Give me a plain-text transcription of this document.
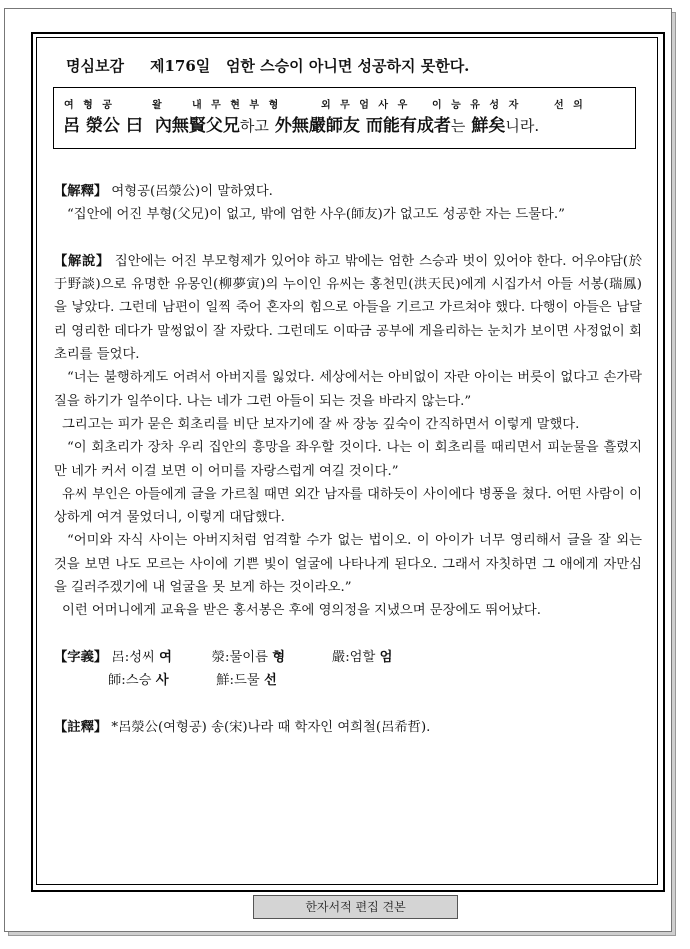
명심보감 제176일 엄한 스승이 아니면 성공하지 못한다.
여 형 공	왈	내 무 현 부 형	외 무 엄 사 우 이 능 유 성 자	선 의
呂 滎公 曰 內無賢父兄하고 外無嚴師友 而能有成者는 鮮矣니라.

【解釋】 여형공(呂滎公)이 말하였다.

“집안에 어진 부형(父兄)이 없고, 밖에 엄한 사우(師友)가 없고도 성공한 자는 드물다.”

【解說】 집안에는 어진 부모형제가 있어야 하고 밖에는 엄한 스승과 벗이 있어야 한다. 어우야담(於于野談)으로 유명한 유몽인(柳夢寅)의 누이인 유씨는 홍천민(洪天民)에게 시집가서 아들 서봉(瑞鳳)을 낳았다. 그런데 남편이 일찍 죽어 혼자의 힘으로 아들을 기르고 가르쳐야 했다. 다행이 아들은 남달리 영리한 데다가 말썽없이 잘 자랐다. 그런데도 이따금 공부에 게을리하는 눈치가 보이면 사정없이 회초리를 들었다.

“너는 불행하게도 어려서 아버지를 잃었다. 세상에서는 아비없이 자란 아이는 버릇이 없다고 손가락질을 하기가 일쑤이다. 나는 네가 그런 아들이 되는 것을 바라지 않는다.”

그리고는 피가 묻은 회초리를 비단 보자기에 잘 싸 장농 깊숙이 간직하면서 이렇게 말했다.

“이 회초리가 장차 우리 집안의 흥망을 좌우할 것이다. 나는 이 회초리를 때리면서 피눈물을 흘렸지만 네가 커서 이걸 보면 이 어미를 자랑스럽게 여길 것이다.”

유씨 부인은 아들에게 글을 가르칠 때면 외간 남자를 대하듯이 사이에다 병풍을 쳤다. 어떤 사람이 이상하게 여겨 물었더니, 이렇게 대답했다.

“어미와 자식 사이는 아버지처럼 엄격할 수가 없는 법이오. 이 아이가 너무 영리해서 글을 잘 외는 것을 보면 나도 모르는 사이에 기쁜 빛이 얼굴에 나타나게 된다오. 그래서 자칫하면 그 애에게 자만심을 길러주겠기에 내 얼굴을 못 보게 하는 것이라오.”

이런 어머니에게 교육을 받은 홍서봉은 후에 영의정을 지냈으며 문장에도 뛰어났다.

【字義】 呂:성씨 여	滎:물이름 형	嚴:엄할 엄
師:스승 사	鮮:드물 선

【註釋】 *呂滎公(여형공) 송(宋)나라 때 학자인 여희철(呂希哲).

한자서적 편집 견본
